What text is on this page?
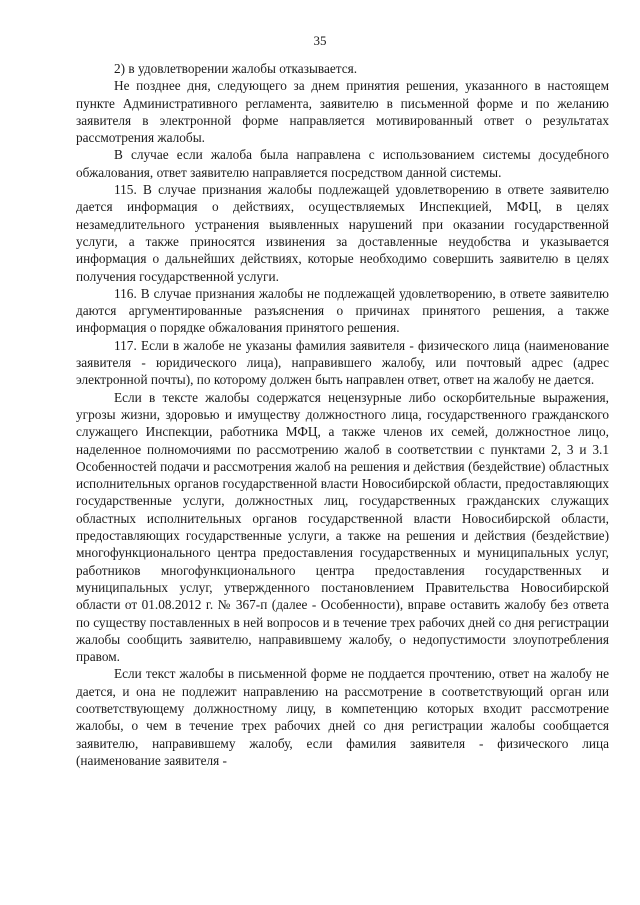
35

2) в удовлетворении жалобы отказывается.

Не позднее дня, следующего за днем принятия решения, указанного в настоящем пункте Административного регламента, заявителю в письменной форме и по желанию заявителя в электронной форме направляется мотивированный ответ о результатах рассмотрения жалобы.

В случае если жалоба была направлена с использованием системы досудебного обжалования, ответ заявителю направляется посредством данной системы.

115. В случае признания жалобы подлежащей удовлетворению в ответе заявителю дается информация о действиях, осуществляемых Инспекцией, МФЦ, в целях незамедлительного устранения выявленных нарушений при оказании государственной услуги, а также приносятся извинения за доставленные неудобства и указывается информация о дальнейших действиях, которые необходимо совершить заявителю в целях получения государственной услуги.

116. В случае признания жалобы не подлежащей удовлетворению, в ответе заявителю даются аргументированные разъяснения о причинах принятого решения, а также информация о порядке обжалования принятого решения.

117. Если в жалобе не указаны фамилия заявителя - физического лица (наименование заявителя - юридического лица), направившего жалобу, или почтовый адрес (адрес электронной почты), по которому должен быть направлен ответ, ответ на жалобу не дается.

Если в тексте жалобы содержатся нецензурные либо оскорбительные выражения, угрозы жизни, здоровью и имуществу должностного лица, государственного гражданского служащего Инспекции, работника МФЦ, а также членов их семей, должностное лицо, наделенное полномочиями по рассмотрению жалоб в соответствии с пунктами 2, 3 и 3.1 Особенностей подачи и рассмотрения жалоб на решения и действия (бездействие) областных исполнительных органов государственной власти Новосибирской области, предоставляющих государственные услуги, должностных лиц, государственных гражданских служащих областных исполнительных органов государственной власти Новосибирской области, предоставляющих государственные услуги, а также на решения и действия (бездействие) многофункционального центра предоставления государственных и муниципальных услуг, работников многофункционального центра предоставления государственных и муниципальных услуг, утвержденного постановлением Правительства Новосибирской области от 01.08.2012 г. № 367-п (далее - Особенности), вправе оставить жалобу без ответа по существу поставленных в ней вопросов и в течение трех рабочих дней со дня регистрации жалобы сообщить заявителю, направившему жалобу, о недопустимости злоупотребления правом.

Если текст жалобы в письменной форме не поддается прочтению, ответ на жалобу не дается, и она не подлежит направлению на рассмотрение в соответствующий орган или соответствующему должностному лицу, в компетенцию которых входит рассмотрение жалобы, о чем в течение трех рабочих дней со дня регистрации жалобы сообщается заявителю, направившему жалобу, если фамилия заявителя - физического лица (наименование заявителя -
